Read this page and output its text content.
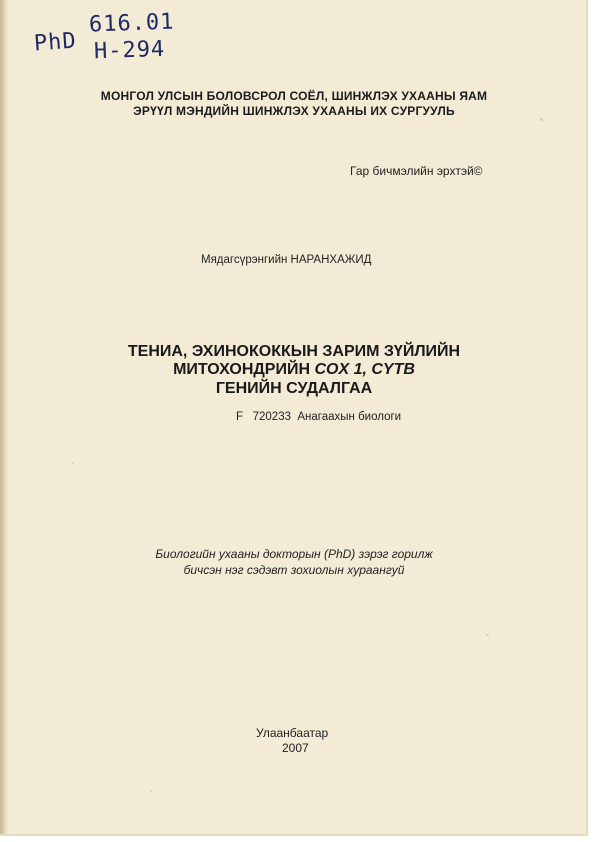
PhD
616.01
H-294
МОНГОЛ УЛСЫН БОЛОВСРОЛ СОЁЛ, ШИНЖЛЭХ УХААНЫ ЯАМ
ЭРҮҮЛ МЭНДИЙН ШИНЖЛЭХ УХААНЫ ИХ СУРГУУЛЬ
Гар бичмэлийн эрхтэй©
Мядагсүрэнгийн НАРАНХАЖИД
ТЕНИА, ЭХИНОКОККЫН ЗАРИМ ЗҮЙЛИЙН
МИТОХОНДРИЙН COX 1, CYTB
ГЕНИЙН СУДАЛГАА
F   720233 Анагаахын биологи
Биологийн ухааны докторын (PhD) зэрэг горилж
бичсэн нэг сэдэвт зохиолын хураангуй
Улаанбаатар
2007
